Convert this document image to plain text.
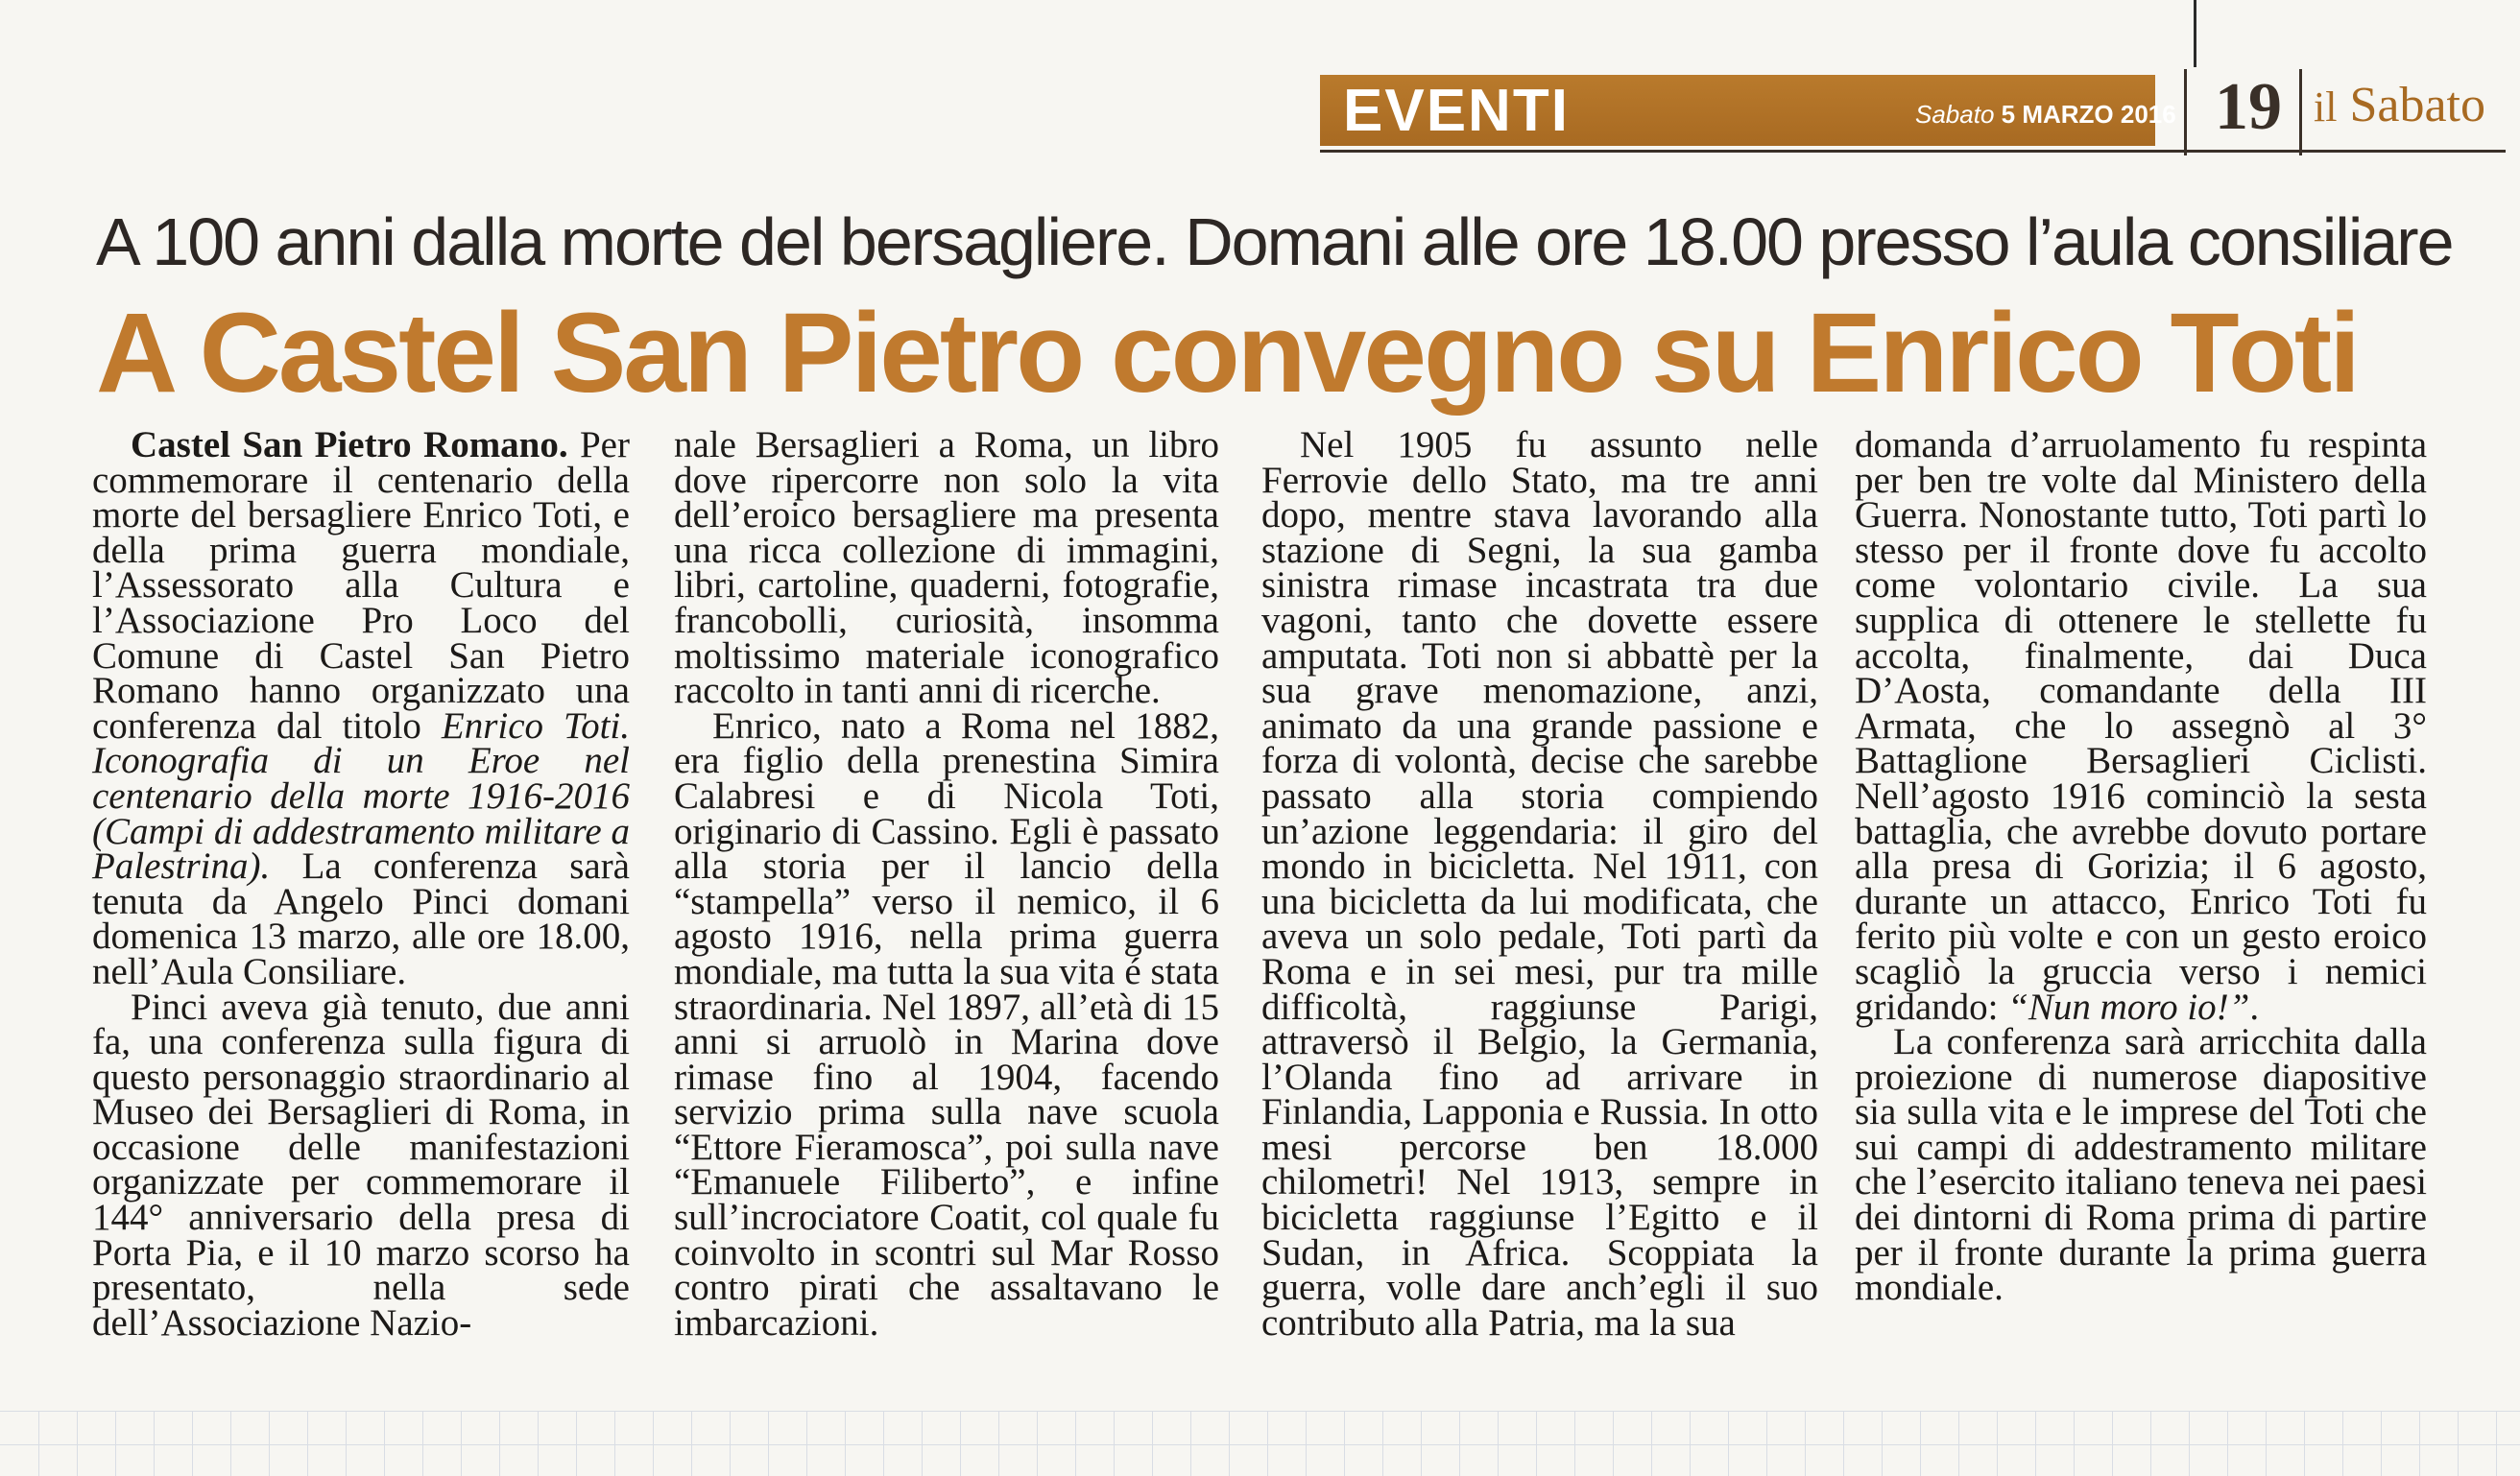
EVENTI	Sabato 5 MARZO 2016 19 il Sabato
A 100 anni dalla morte del bersagliere. Domani alle ore 18.00 presso l’aula consiliare
A Castel San Pietro convegno su Enrico Toti

Castel San Pietro Romano. Per commemorare il centenario della morte del bersagliere Enrico Toti, e della prima guerra mondiale, l’Assessorato alla Cultura e l’Associazione Pro Loco del Comune di Castel San Pietro Romano hanno organizzato una conferenza dal titolo Enrico Toti. Iconografia di un Eroe nel centenario della morte 1916-2016 (Campi di addestramento militare a Palestrina). La conferenza sarà tenuta da Angelo Pinci domani domenica 13 marzo, alle ore 18.00, nell’Aula Consiliare.

Pinci aveva già tenuto, due anni fa, una conferenza sulla figura di questo personaggio straordinario al Museo dei Bersaglieri di Roma, in occasione delle manifestazioni organizzate per commemorare il 144° anniversario della presa di Porta Pia, e il 10 marzo scorso ha presentato, nella sede dell’Associazione Nazio-

nale Bersaglieri a Roma, un libro dove ripercorre non solo la vita dell’eroico bersagliere ma presenta una ricca collezione di immagini, libri, cartoline, quaderni, fotografie, francobolli, curiosità, insomma moltissimo materiale iconografico raccolto in tanti anni di ricerche.

Enrico, nato a Roma nel 1882, era figlio della prenestina Simira Calabresi e di Nicola Toti, originario di Cassino. Egli è passato alla storia per il lancio della “stampella” verso il nemico, il 6 agosto 1916, nella prima guerra mondiale, ma tutta la sua vita é stata straordinaria. Nel 1897, all’età di 15 anni si arruolò in Marina dove rimase fino al 1904, facendo servizio prima sulla nave scuola “Ettore Fieramosca”, poi sulla nave “Emanuele Filiberto”, e infine sull’incrociatore Coatit, col quale fu coinvolto in scontri sul Mar Rosso contro pirati che assaltavano le imbarcazioni.

Nel 1905 fu assunto nelle Ferrovie dello Stato, ma tre anni dopo, mentre stava lavorando alla stazione di Segni, la sua gamba sinistra rimase incastrata tra due vagoni, tanto che dovette essere amputata. Toti non si abbattè per la sua grave menomazione, anzi, animato da una grande passione e forza di volontà, decise che sarebbe passato alla storia compiendo un’azione leggendaria: il giro del mondo in bicicletta. Nel 1911, con una bicicletta da lui modificata, che aveva un solo pedale, Toti partì da Roma e in sei mesi, pur tra mille difficoltà, raggiunse Parigi, attraversò il Belgio, la Germania, l’Olanda fino ad arrivare in Finlandia, Lapponia e Russia. In otto mesi percorse ben 18.000 chilometri! Nel 1913, sempre in bicicletta raggiunse l’Egitto e il Sudan, in Africa. Scoppiata la guerra, volle dare anch’egli il suo contributo alla Patria, ma la sua

domanda d’arruolamento fu respinta per ben tre volte dal Ministero della Guerra. Nonostante tutto, Toti partì lo stesso per il fronte dove fu accolto come volontario civile. La sua supplica di ottenere le stellette fu accolta, finalmente, dai Duca D’Aosta, comandante della III Armata, che lo assegnò al 3° Battaglione Bersaglieri Ciclisti. Nell’agosto 1916 cominciò la sesta battaglia, che avrebbe dovuto portare alla presa di Gorizia; il 6 agosto, durante un attacco, Enrico Toti fu ferito più volte e con un gesto eroico scagliò la gruccia verso i nemici gridando: “Nun moro io!”.

La conferenza sarà arricchita dalla proiezione di numerose diapositive sia sulla vita e le imprese del Toti che sui campi di addestramento militare che l’esercito italiano teneva nei paesi dei dintorni di Roma prima di partire per il fronte durante la prima guerra mondiale.
